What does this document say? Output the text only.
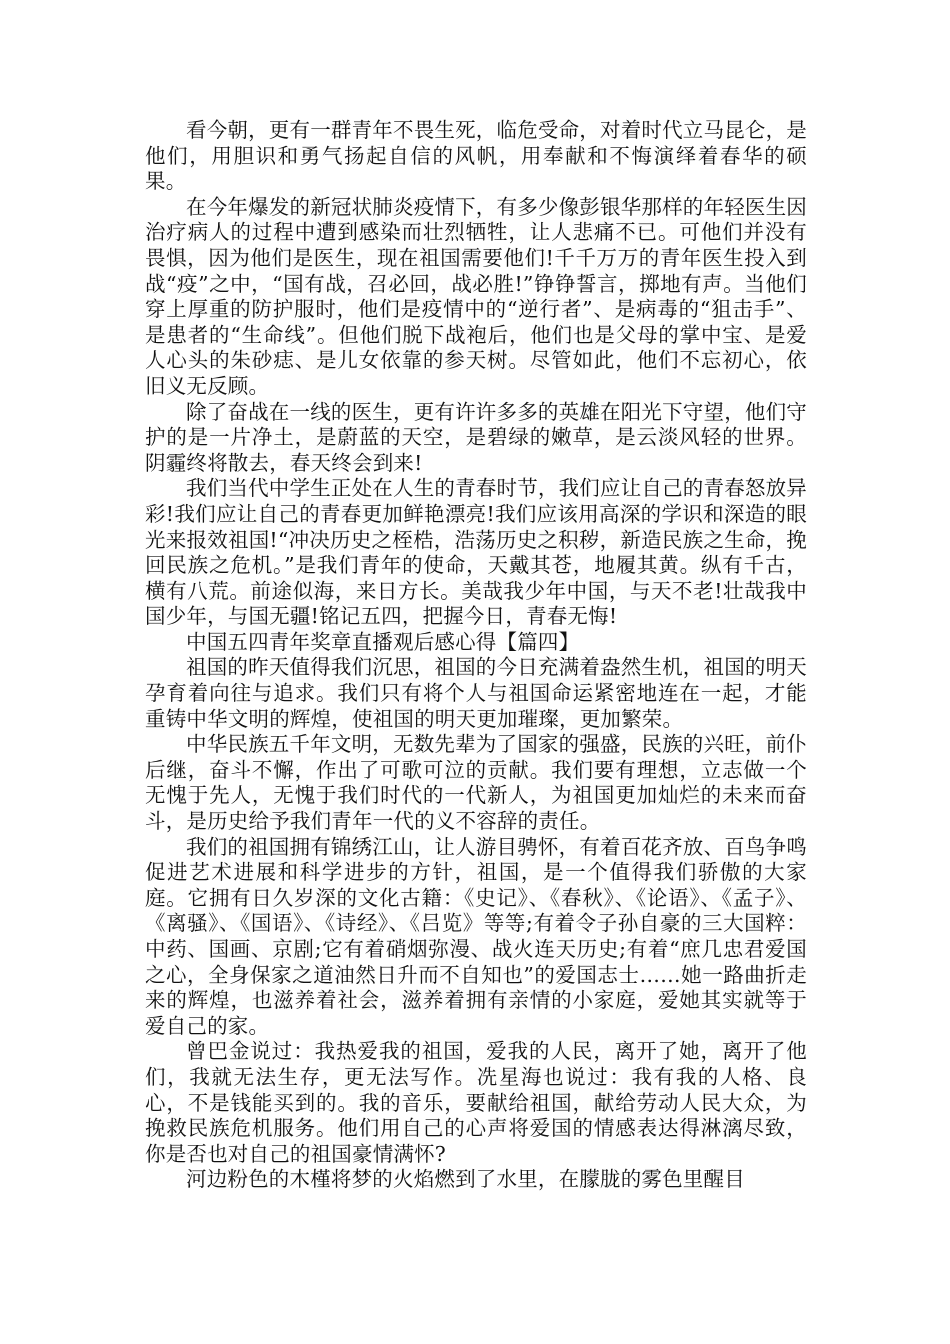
看今朝，更有一群青年不畏生死，临危受命，对着时代立马昆仑，是他们，用胆识和勇气扬起自信的风帆，用奉献和不悔演绎着春华的硕果。

在今年爆发的新冠状肺炎疫情下，有多少像彭银华那样的年轻医生因治疗病人的过程中遭到感染而壮烈牺牲，让人悲痛不已。可他们并没有畏惧，因为他们是医生，现在祖国需要他们!千千万万的青年医生投入到战“疫”之中，“国有战，召必回，战必胜!”铮铮誓言，掷地有声。当他们穿上厚重的防护服时，他们是疫情中的“逆行者”、是病毒的“狙击手”、是患者的“生命线”。但他们脱下战袍后，他们也是父母的掌中宝、是爱人心头的朱砂痣、是儿女依靠的参天树。尽管如此，他们不忘初心，依旧义无反顾。

除了奋战在一线的医生，更有许许多多的英雄在阳光下守望，他们守护的是一片净土，是蔚蓝的天空，是碧绿的嫩草，是云淡风轻的世界。阴霾终将散去，春天终会到来!

我们当代中学生正处在人生的青春时节，我们应让自己的青春怒放异彩!我们应让自己的青春更加鲜艳漂亮!我们应该用高深的学识和深造的眼光来报效祖国!“冲决历史之桎梏，浩荡历史之积秽，新造民族之生命，挽回民族之危机。”是我们青年的使命，天戴其苍，地履其黄。纵有千古，横有八荒。前途似海，来日方长。美哉我少年中国，与天不老!壮哉我中国少年，与国无疆!铭记五四，把握今日，青春无悔!

中国五四青年奖章直播观后感心得【篇四】

祖国的昨天值得我们沉思，祖国的今日充满着盎然生机，祖国的明天孕育着向往与追求。我们只有将个人与祖国命运紧密地连在一起，才能重铸中华文明的辉煌，使祖国的明天更加璀璨，更加繁荣。

中华民族五千年文明，无数先辈为了国家的强盛，民族的兴旺，前仆后继，奋斗不懈，作出了可歌可泣的贡献。我们要有理想，立志做一个无愧于先人，无愧于我们时代的一代新人，为祖国更加灿烂的未来而奋斗，是历史给予我们青年一代的义不容辞的责任。

我们的祖国拥有锦绣江山，让人游目骋怀，有着百花齐放、百鸟争鸣促进艺术进展和科学进步的方针，祖国，是一个值得我们骄傲的大家庭。它拥有日久岁深的文化古籍：《史记》、《春秋》、《论语》、《孟子》、《离骚》、《国语》、《诗经》、《吕览》等等;有着令子孙自豪的三大国粹：中药、国画、京剧;它有着硝烟弥漫、战火连天历史;有着“庶几忠君爱国之心，全身保家之道油然日升而不自知也”的爱国志士……她一路曲折走来的辉煌，也滋养着社会，滋养着拥有亲情的小家庭，爱她其实就等于爱自己的家。

曾巴金说过：我热爱我的祖国，爱我的人民，离开了她，离开了他们，我就无法生存，更无法写作。冼星海也说过：我有我的人格、良心，不是钱能买到的。我的音乐，要献给祖国，献给劳动人民大众，为挽救民族危机服务。他们用自己的心声将爱国的情感表达得淋漓尽致，你是否也对自己的祖国豪情满怀?

河边粉色的木槿将梦的火焰燃到了水里，在朦胧的雾色里醒目
